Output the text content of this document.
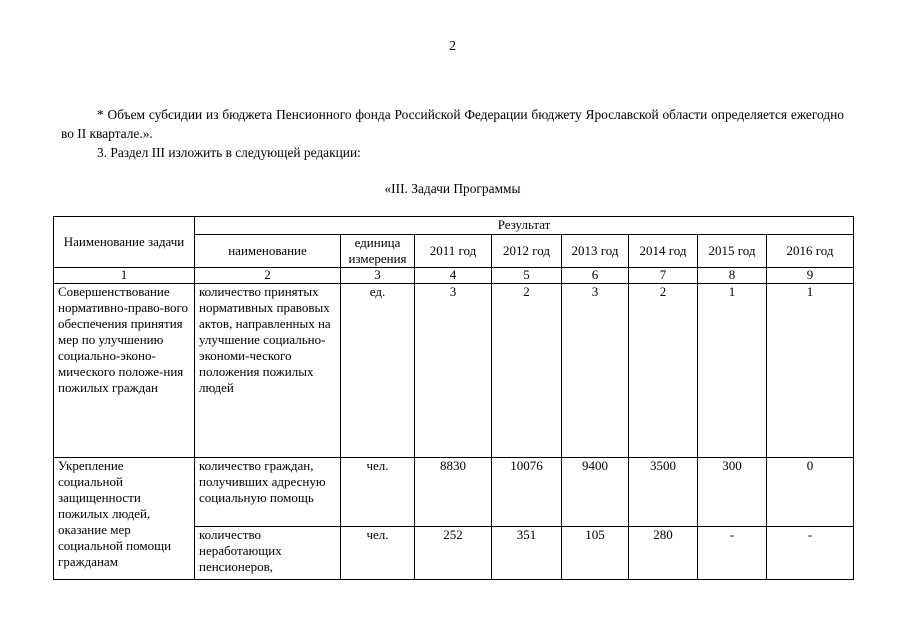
2
* Объем субсидии из бюджета Пенсионного фонда Российской Федерации бюджету Ярославской области определяется ежегодно во II квартале.».
3. Раздел III изложить в следующей редакции:
«III. Задачи Программы
Наименование задачи	Результат							
	наименование	единица измерения	2011 год	2012 год	2013 год	2014 год	2015 год	2016 год
1	2	3	4	5	6	7	8	9
Совершенствование нормативно-право-вого обеспечения принятия мер по улучшению социально-эконо-мического положе-ния пожилых граждан	количество принятых нормативных правовых актов, направленных на улучшение социально-экономи-ческого положения пожилых людей	ед.	3	2	3	2	1	1
Укрепление социальной защищенности пожилых людей, оказание мер социальной помощи гражданам	количество граждан, получивших адресную социальную помощь	чел.	8830	10076	9400	3500	300	0
	количество неработающих пенсионеров,	чел.	252	351	105	280	-	-
